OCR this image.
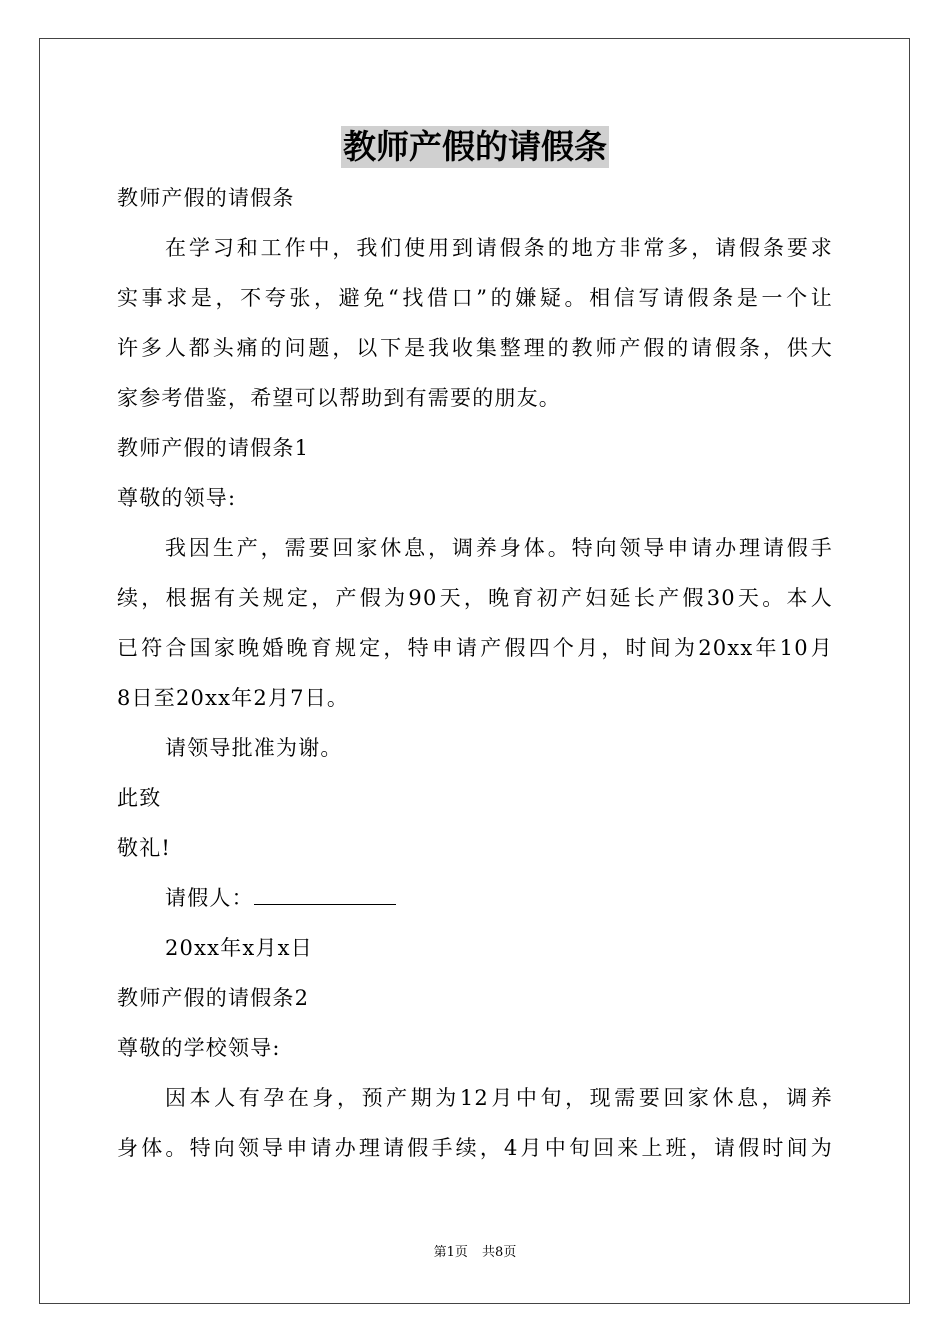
教师产假的请假条
教师产假的请假条
在学习和工作中，我们使用到请假条的地方非常多，请假条要求
实事求是，不夸张，避免“找借口”的嫌疑。相信写请假条是一个让
许多人都头痛的问题，以下是我收集整理的教师产假的请假条，供大
家参考借鉴，希望可以帮助到有需要的朋友。
教师产假的请假条1
尊敬的领导:
我因生产，需要回家休息，调养身体。特向领导申请办理请假手
续，根据有关规定，产假为90天，晚育初产妇延长产假30天。本人
已符合国家晚婚晚育规定，特申请产假四个月，时间为20xx年10月
8日至20xx年2月7日。
请领导批准为谢。
此致
敬礼!
请假人：
20xx年x月x日
教师产假的请假条2
尊敬的学校领导:
因本人有孕在身，预产期为12月中旬，现需要回家休息，调养
身体。特向领导申请办理请假手续，4月中旬回来上班，请假时间为
第1页 共8页
